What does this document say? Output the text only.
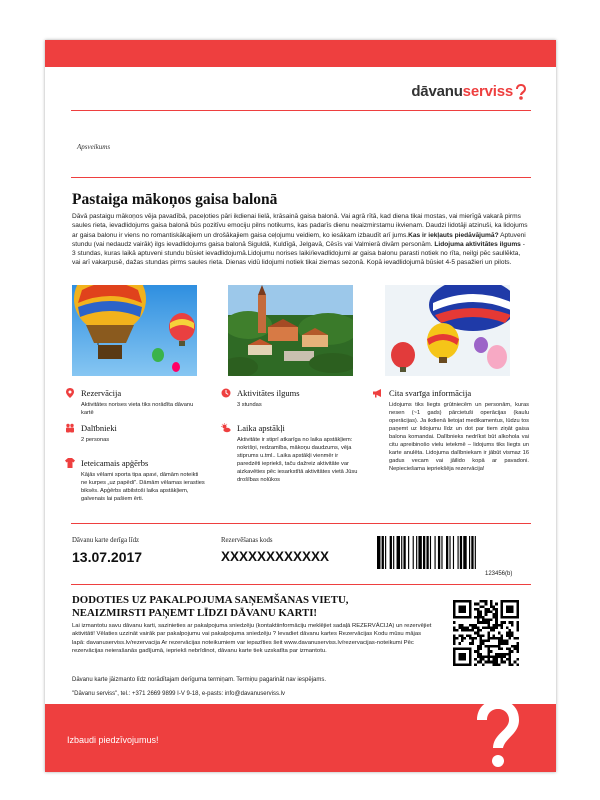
dāvanuserviss
Apsveikums
Pastaiga mākoņos gaisa balonā
Dāvā pastaigu mākoņos vēja pavadībā, paceļoties pāri ikdienai lielā, krāsainā gaisa balonā. Vai agrā rītā, kad diena tikai mostas, vai mierīgā vakarā pirms saules rieta, ievadlidojums gaisa balonā būs pozitīvu emociju pilns notikums, kas padarīs dienu neaizmirstamu ikvienam. Daudzi lidotāji atzinuši, ka lidojums ar gaisa balonu ir viens no romantiskākajiem un drošākajiem gaisa ceļojumu veidiem, ko iesākam izbaudīt arī jums.Kas ir iekļauts piedāvājumā? Aptuveni stundu (vai nedaudz vairāk) ilgs ievadlidojums gaisa balonā Siguldā, Kuldīgā, Jelgavā, Cēsīs vai Valmierā divām personām. Lidojuma aktivitātes ilgums - 3 stundas, kuras laikā aptuveni stundu būsiet ievadlidojumā.Lidojumu norises laiki/ievadlidojumi ar gaisa balonu parasti notiek no rīta, neilgi pēc saullēkta, vai arī vakarpusē, dažas stundas pirms saules rieta. Dienas vidū lidojumi notiek tikai ziemas sezonā. Kopā ievadlidojumā būsiet 4-5 pasažieri un pilots.
Rezervācija
Aktivitātes norises vieta tiks norādīta dāvanu kartē
Dalībnieki
2 personas
Ieteicamais apģērbs
Kājās vēlami sporta tipa apavi, dāmām noteikti ne kurpes „uz papēdi". Dāmām vēlamas ierastiеs biksēs. Apģērbs atbilstoši laika apstākļiem, galvenais lai pašiem ērti.
Aktivitātes ilgums
3 stundas
Laika apstākļi
Aktivitāte ir stiprī atkarīga no laika apstākļiem: nokrišņi, redzamība, mākoņu daudzums, vēja stiprums u.tml.. Laika apstākļi vienmēr ir paredzēti iepriekš, taču dažreiz aktivitāte var aizkavēties pēc iesarkstītā aktivitātes vietā Jūsu drošības nolūkos
Cita svarīga informācija
Lidojums tiks liegts grūtniecēm un personām, kuras nesen (~1 gads) pārcietuši operācijas (kaulu operācijas). Ja ikdienā lietojat medikamentus, lūdzu tos paņemt uz lidojumu līdz un dot par tiem ziņāt gaisa balona komandai. Dalībnieks nedrīkst būt alkohola vai citu apreibinošo vielu ietekmē – lidojums tiks liegts un karte anulēta. Lidojuma dalībniekam ir jābūt vismaz 16 gadus vecam vai jāilido kopā ar pavadoni. Nepieciešama iepriekšēja rezervācija!
Dāvanu karte derīga līdz
13.07.2017
Rezervēšanas kods
XXXXXXXXXXXX
123456(b)
DODOTIES UZ PAKALPOJUMA SAŅEMŠANAS VIETU, NEAIZMIRSTI PAŅEMT LĪDZI DĀVANU KARTI!
Lai izmantotu savu dāvanu karti, sazinieties ar pakalpojuma sniedzēju (kontaktiinformāciju meklējiet sadaļā REZERVĀCIJA) un rezervējiet aktivitāti! Vēlaties uzzināt vairāk par pakalpojumu vai pakalpojuma sniedzēju ? Ievadiet dāvanu kartes Rezervācijas Kodu mūsu mājas lapā: davanuserviss.lv/rezervacija Ar rezervācijas noteikumiem var iepazīties šeit www.davanuserviss.lv/rezervacijas-noteikumi Pēc rezervācijas neierašanās gadījumā, iepriekš nebrīdinot, dāvanu karte tiek uzskatīta par izmantotu.
Dāvanu karte jāizmanto līdz norādītajam derīguma termiņam. Termiņu pagarināt nav iespējams.
"Dāvanu serviss", tel.: +371 2669 9899 I-V 9-18, e-pasts: info@davanuserviss.lv
Izbaudi piedzīvojumus!
